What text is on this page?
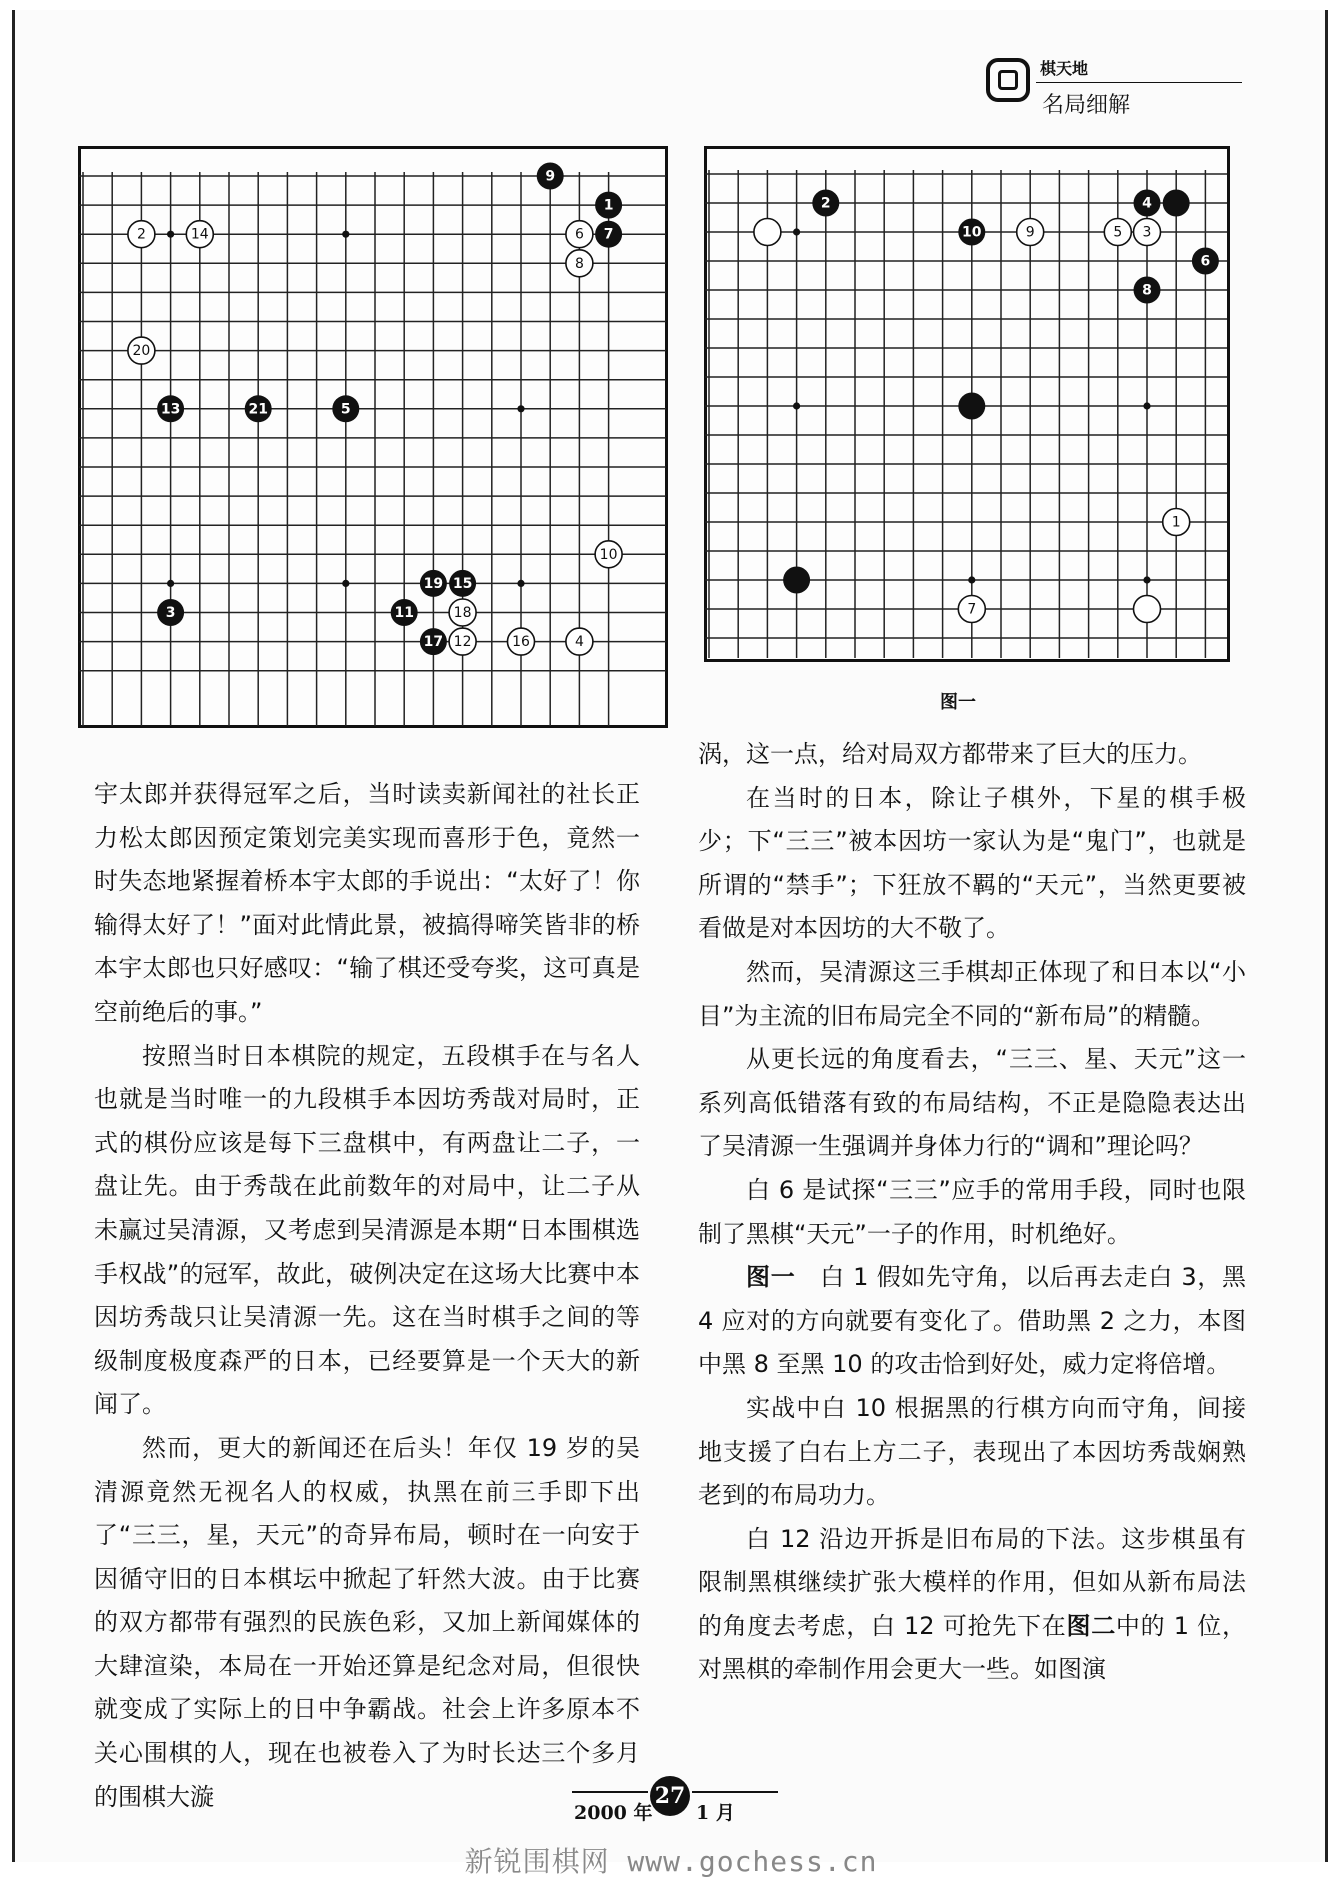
棋天地
名局细解
9
1
2	14	6 7
8
20
13	21	5
10
19 15
3	11	18
17 12	16	4
2	4
10	9	5 3
6
8
1
7
图一

宇太郎并获得冠军之后，当时读卖新闻社的社长正力松太郎因预定策划完美实现而喜形于色，竟然一时失态地紧握着桥本宇太郎的手说出：“太好了！你输得太好了！”面对此情此景，被搞得啼笑皆非的桥本宇太郎也只好感叹：“输了棋还受夸奖，这可真是空前绝后的事。”

按照当时日本棋院的规定，五段棋手在与名人也就是当时唯一的九段棋手本因坊秀哉对局时，正式的棋份应该是每下三盘棋中，有两盘让二子，一盘让先。由于秀哉在此前数年的对局中，让二子从未赢过吴清源，又考虑到吴清源是本期“日本围棋选手权战”的冠军，故此，破例决定在这场大比赛中本因坊秀哉只让吴清源一先。这在当时棋手之间的等级制度极度森严的日本，已经要算是一个天大的新闻了。

然而，更大的新闻还在后头！年仅 19 岁的吴清源竟然无视名人的权威，执黑在前三手即下出了“三三，星，天元”的奇异布局，顿时在一向安于因循守旧的日本棋坛中掀起了轩然大波。由于比赛的双方都带有强烈的民族色彩，又加上新闻媒体的大肆渲染，本局在一开始还算是纪念对局，但很快就变成了实际上的日中争霸战。社会上许多原本不关心围棋的人，现在也被卷入了为时长达三个多月的围棋大漩

涡，这一点，给对局双方都带来了巨大的压力。

在当时的日本，除让子棋外，下星的棋手极少；下“三三”被本因坊一家认为是“鬼门”，也就是所谓的“禁手”；下狂放不羁的“天元”，当然更要被看做是对本因坊的大不敬了。

然而，吴清源这三手棋却正体现了和日本以“小目”为主流的旧布局完全不同的“新布局”的精髓。

从更长远的角度看去，“三三、星、天元”这一系列高低错落有致的布局结构，不正是隐隐表达出了吴清源一生强调并身体力行的“调和”理论吗？

白 6 是试探“三三”应手的常用手段，同时也限制了黑棋“天元”一子的作用，时机绝好。

图一　 白 1 假如先守角，以后再去走白 3，黑 4 应对的方向就要有变化了。借助黑 2 之力，本图中黑 8 至黑 10 的攻击恰到好处，威力定将倍增。

实战中白 10 根据黑的行棋方向而守角，间接地支援了白右上方二子，表现出了本因坊秀哉娴熟老到的布局功力。

白 12 沿边开拆是旧布局的下法。这步棋虽有限制黑棋继续扩张大模样的作用，但如从新布局法的角度去考虑，白 12 可抢先下在图二中的 1 位，对黑棋的牵制作用会更大一些。如图演

2000 年
27
1 月
新锐围棋网 www.gochess.cn
